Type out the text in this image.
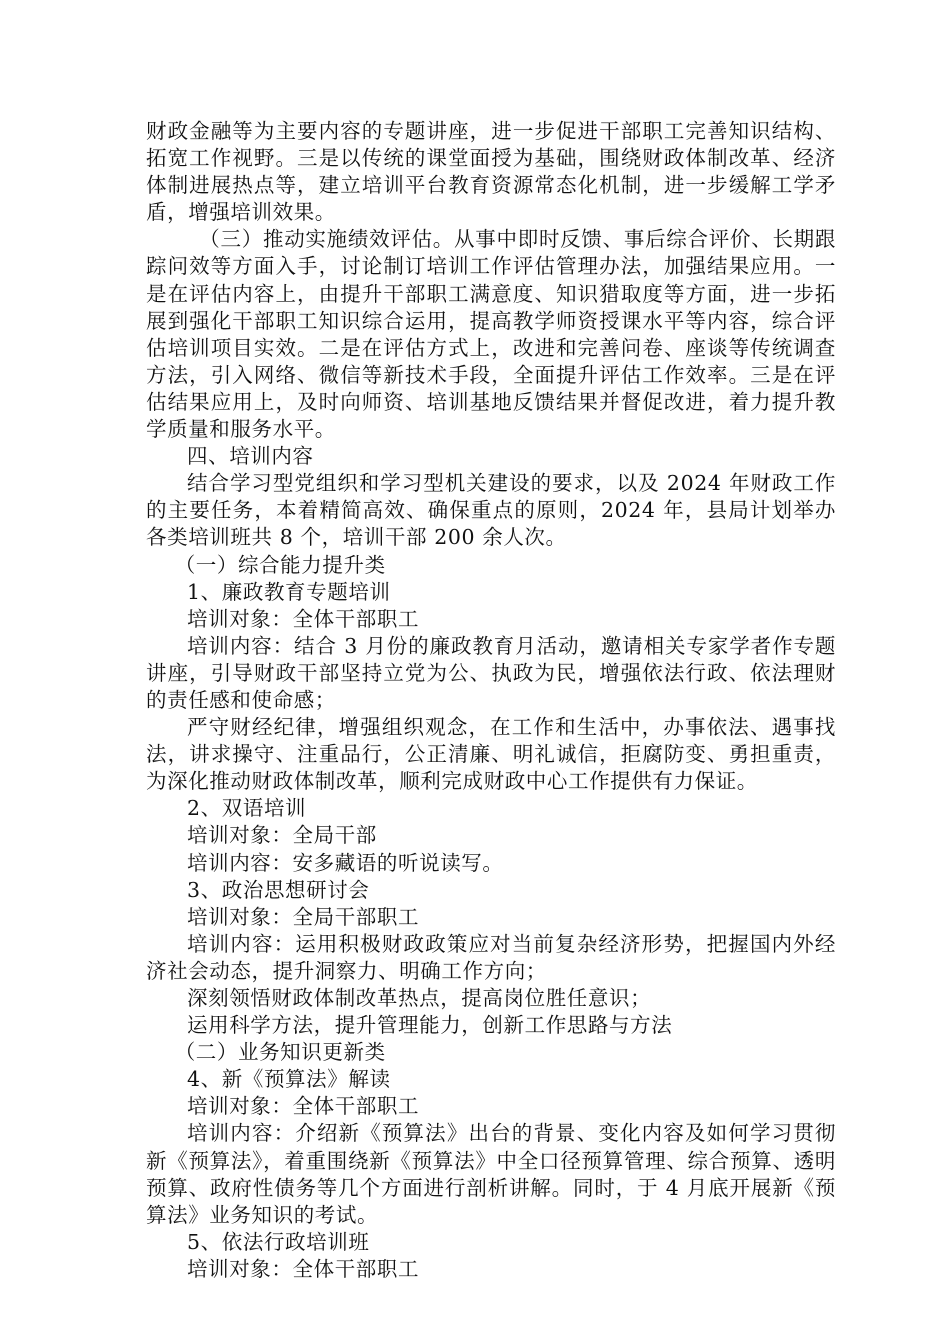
财政金融等为主要内容的专题讲座，进一步促进干部职工完善知识结构、拓宽工作视野。三是以传统的课堂面授为基础，围绕财政体制改革、经济体制进展热点等，建立培训平台教育资源常态化机制，进一步缓解工学矛盾，增强培训效果。

（三）推动实施绩效评估。从事中即时反馈、事后综合评价、长期跟踪问效等方面入手，讨论制订培训工作评估管理办法，加强结果应用。一是在评估内容上，由提升干部职工满意度、知识猎取度等方面，进一步拓展到强化干部职工知识综合运用，提高教学师资授课水平等内容，综合评估培训项目实效。二是在评估方式上，改进和完善问卷、座谈等传统调查方法，引入网络、微信等新技术手段，全面提升评估工作效率。三是在评估结果应用上，及时向师资、培训基地反馈结果并督促改进，着力提升教学质量和服务水平。

四、培训内容

结合学习型党组织和学习型机关建设的要求，以及 2024 年财政工作的主要任务，本着精简高效、确保重点的原则，2024 年，县局计划举办各类培训班共 8 个，培训干部 200 余人次。

（一）综合能力提升类

1、廉政教育专题培训

培训对象：全体干部职工

培训内容：结合 3 月份的廉政教育月活动，邀请相关专家学者作专题讲座，引导财政干部坚持立党为公、执政为民，增强依法行政、依法理财的责任感和使命感；

严守财经纪律，增强组织观念，在工作和生活中，办事依法、遇事找法，讲求操守、注重品行，公正清廉、明礼诚信，拒腐防变、勇担重责，为深化推动财政体制改革，顺利完成财政中心工作提供有力保证。

2、双语培训

培训对象：全局干部

培训内容：安多藏语的听说读写。

3、政治思想研讨会

培训对象：全局干部职工

培训内容：运用积极财政政策应对当前复杂经济形势，把握国内外经济社会动态，提升洞察力、明确工作方向；

深刻领悟财政体制改革热点，提高岗位胜任意识；

运用科学方法，提升管理能力，创新工作思路与方法

（二）业务知识更新类

4、新《预算法》解读

培训对象：全体干部职工

培训内容：介绍新《预算法》出台的背景、变化内容及如何学习贯彻新《预算法》，着重围绕新《预算法》中全口径预算管理、综合预算、透明预算、政府性债务等几个方面进行剖析讲解。同时，于 4 月底开展新《预算法》业务知识的考试。

5、依法行政培训班

培训对象：全体干部职工
